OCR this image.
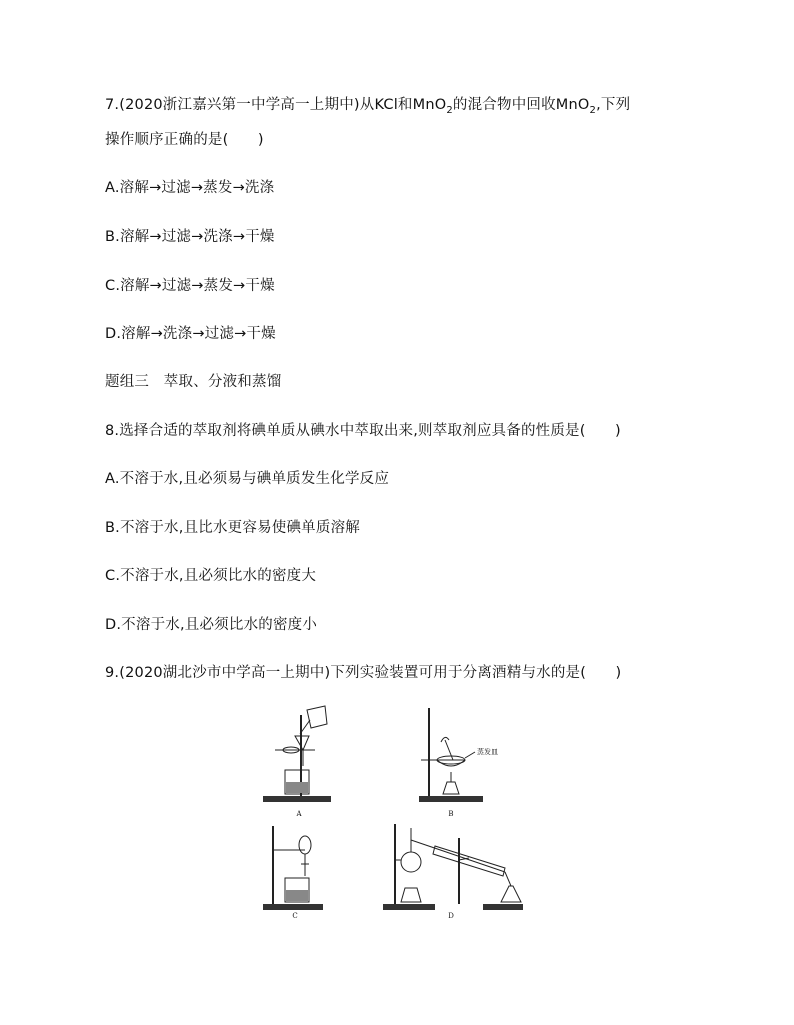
7.(2020浙江嘉兴第一中学高一上期中)从KCl和MnO$_2$的混合物中回收MnO$_2$,下列
操作顺序正确的是(　　)
A.溶解→过滤→蒸发→洗涤
B.溶解→过滤→洗涤→干燥
C.溶解→过滤→蒸发→干燥
D.溶解→洗涤→过滤→干燥
题组三　萃取、分液和蒸馏
8.选择合适的萃取剂将碘单质从碘水中萃取出来,则萃取剂应具备的性质是(　　)
A.不溶于水,且必须易与碘单质发生化学反应
B.不溶于水,且比水更容易使碘单质溶解
C.不溶于水,且必须比水的密度大
D.不溶于水,且必须比水的密度小
9.(2020湖北沙市中学高一上期中)下列实验装置可用于分离酒精与水的是(　　)
A
蒸发皿
B
C	D
